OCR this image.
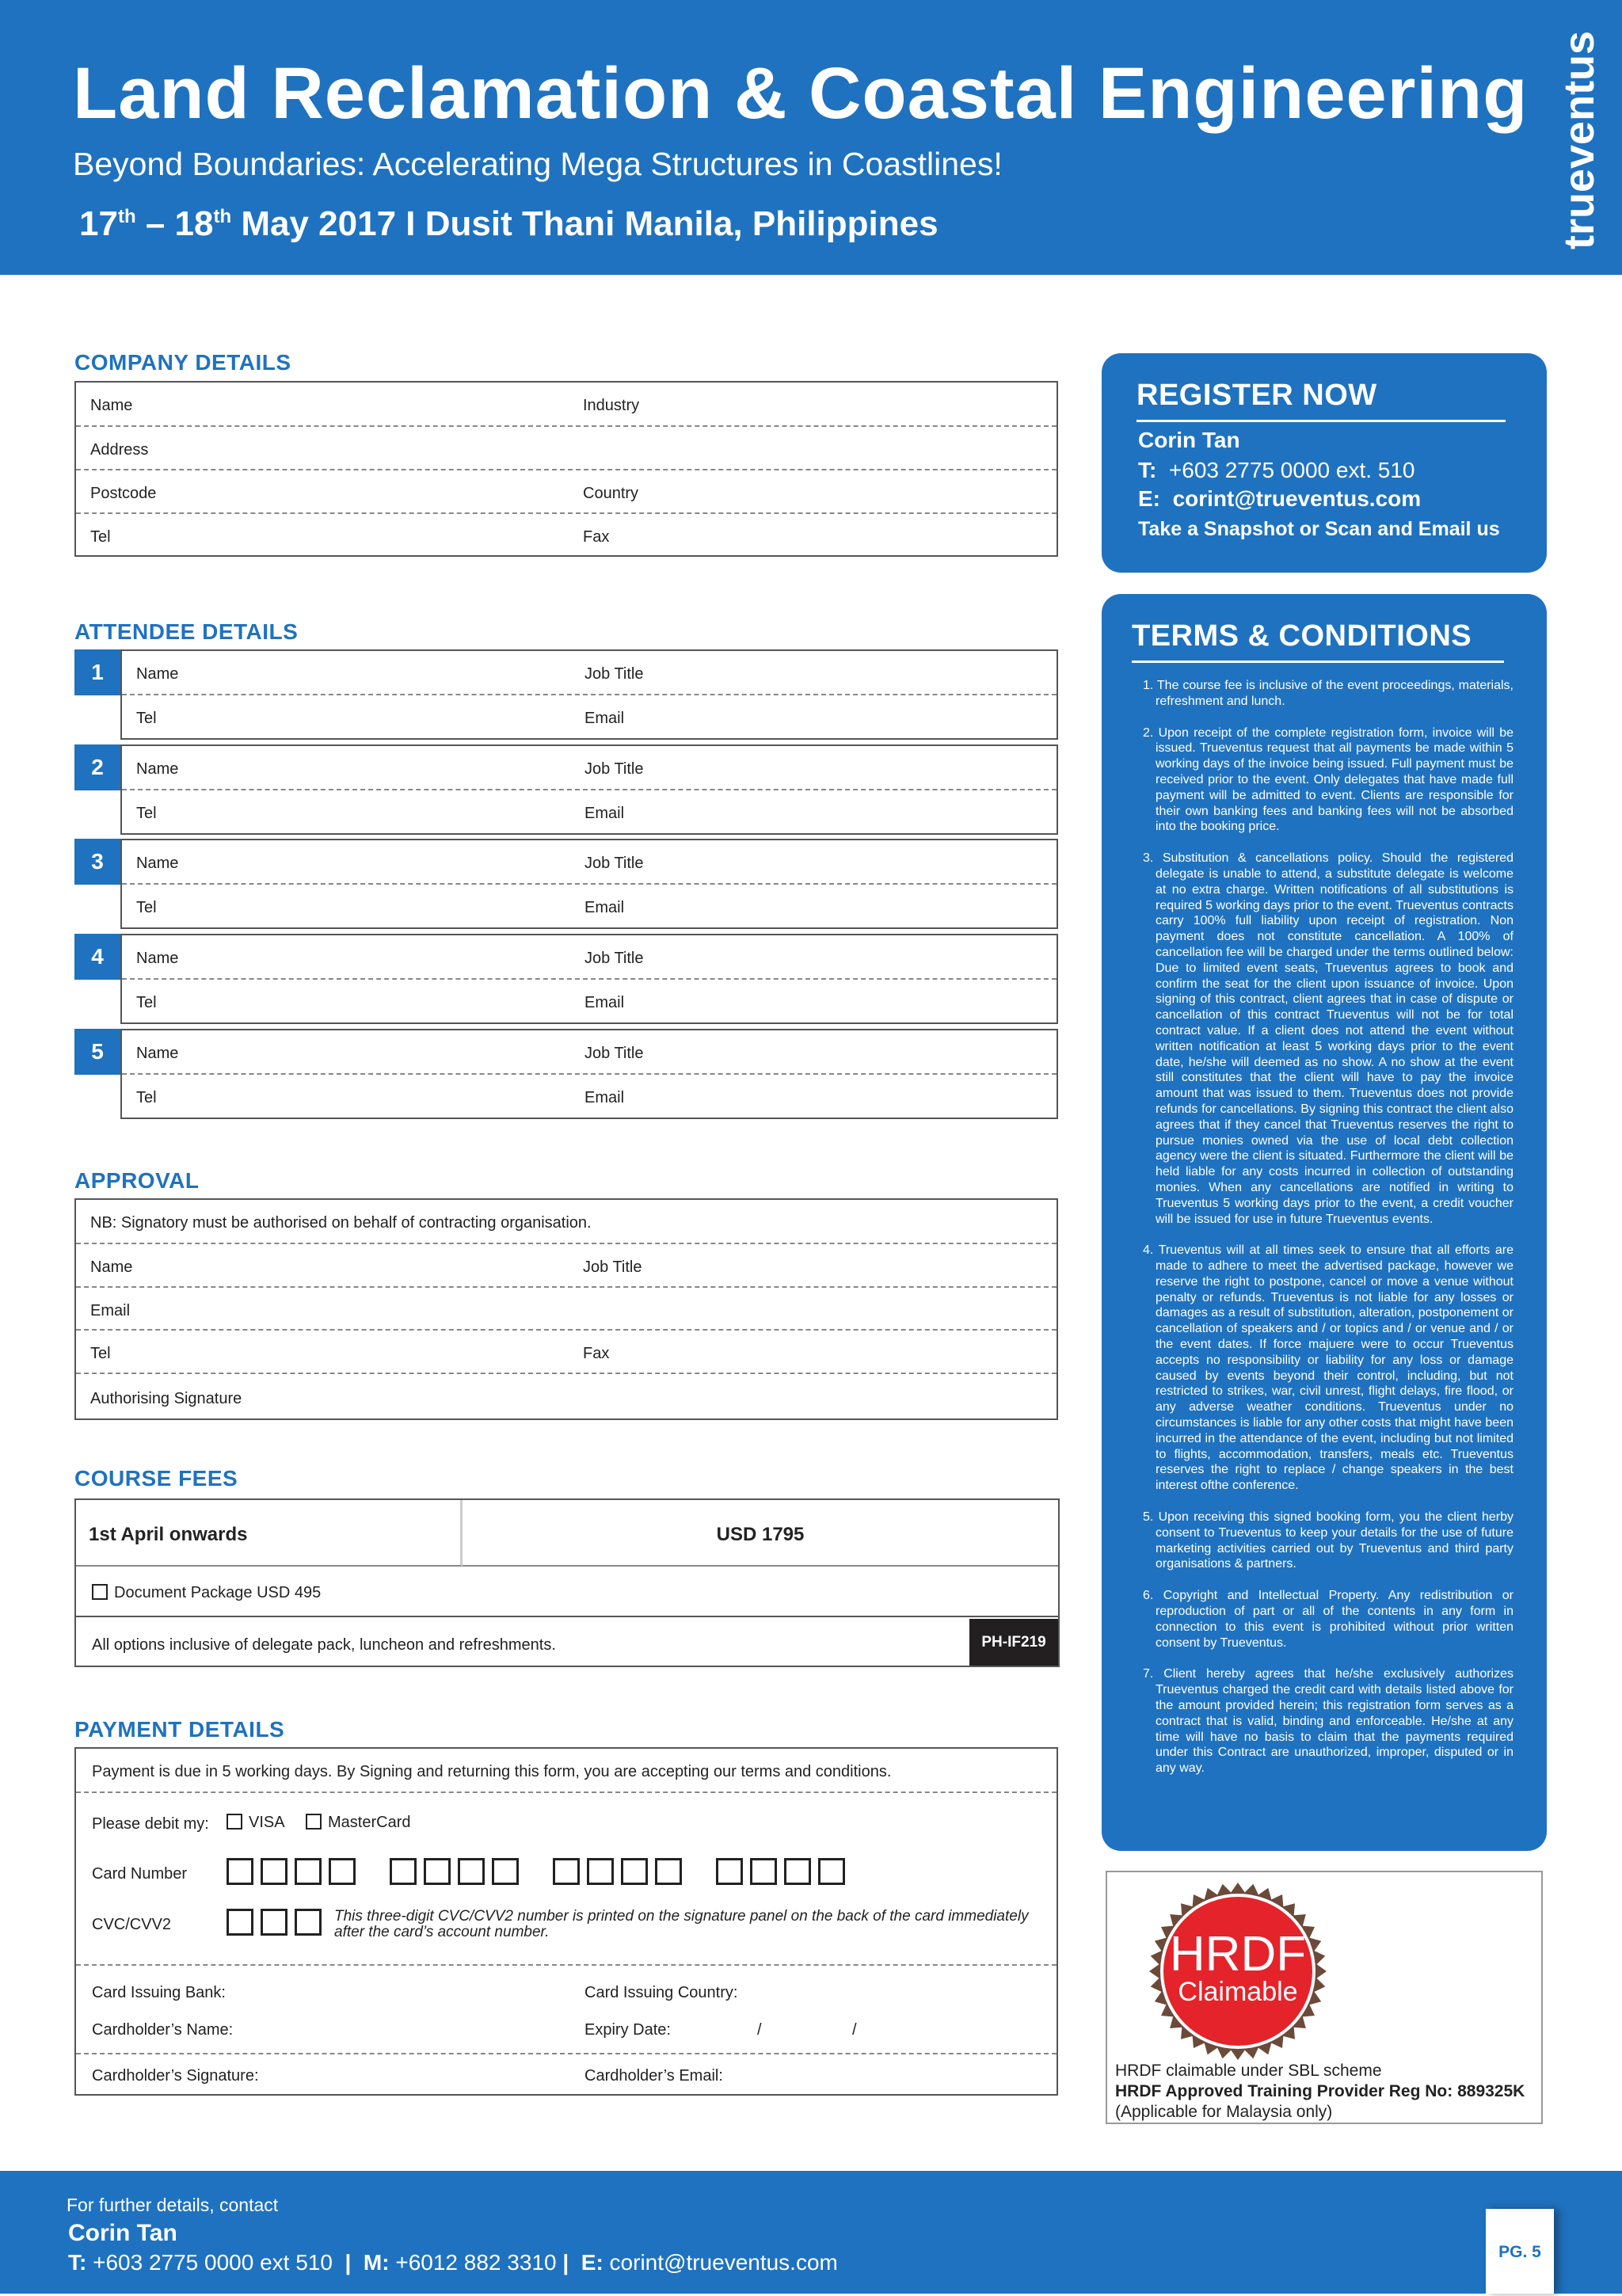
Land Reclamation & Coastal Engineering
Beyond Boundaries: Accelerating Mega Structures in Coastlines!
17th – 18th May 2017 I Dusit Thani Manila, Philippines	trueventus
COMPANY DETAILS
Name	Industry
Address
Postcode	Country
Tel	Fax
ATTENDEE DETAILS
1	Name	Job Title
Tel	Email
2	Name	Job Title
Tel	Email
3	Name	Job Title
Tel	Email
4	Name	Job Title
Tel	Email
5	Name	Job Title
Tel	Email
APPROVAL
NB: Signatory must be authorised on behalf of contracting organisation.
Name	Job Title
Email
Tel	Fax
Authorising Signature
COURSE FEES
1st April onwards	USD 1795
Document Package USD 495
All options inclusive of delegate pack, luncheon and refreshments.	PH-IF219
PAYMENT DETAILS
Payment is due in 5 working days. By Signing and returning this form, you are accepting our terms and conditions.
Please debit my:	VISA	MasterCard
Card Number
CVC/CVV2	This three-digit CVC/CVV2 number is printed on the signature panel on the back of the card immediately after the card’s account number.
Card Issuing Bank:	Card Issuing Country:
Cardholder’s Name:	Expiry Date:	/	/
Cardholder’s Signature:	Cardholder’s Email:
REGISTER NOW
Corin Tan
T: +603 2775 0000 ext. 510
E: corint@trueventus.com
Take a Snapshot or Scan and Email us
TERMS & CONDITIONS
1. The course fee is inclusive of the event proceedings, materials, refreshment and lunch.
2. Upon receipt of the complete registration form, invoice will be issued. Trueventus request that all payments be made within 5 working days of the invoice being issued. Full payment must be received prior to the event. Only delegates that have made full payment will be admitted to event. Clients are responsible for their own banking fees and banking fees will not be absorbed into the booking price.
3. Substitution & cancellations policy. Should the registered delegate is unable to attend, a substitute delegate is welcome at no extra charge. Written notifications of all substitutions is required 5 working days prior to the event. Trueventus contracts carry 100% full liability upon receipt of registration. Non payment does not constitute cancellation. A 100% of cancellation fee will be charged under the terms outlined below: Due to limited event seats, Trueventus agrees to book and confirm the seat for the client upon issuance of invoice. Upon signing of this contract, client agrees that in case of dispute or cancellation of this contract Trueventus will not be for total contract value. If a client does not attend the event without written notification at least 5 working days prior to the event date, he/she will deemed as no show. A no show at the event still constitutes that the client will have to pay the invoice amount that was issued to them. Trueventus does not provide refunds for cancellations. By signing this contract the client also agrees that if they cancel that Trueventus reserves the right to pursue monies owned via the use of local debt collection agency were the client is situated. Furthermore the client will be held liable for any costs incurred in collection of outstanding monies. When any cancellations are notified in writing to Trueventus 5 working days prior to the event, a credit voucher will be issued for use in future Trueventus events.
4. Trueventus will at all times seek to ensure that all efforts are made to adhere to meet the advertised package, however we reserve the right to postpone, cancel or move a venue without penalty or refunds. Trueventus is not liable for any losses or damages as a result of substitution, alteration, postponement or cancellation of speakers and / or topics and / or venue and / or the event dates. If force majuere were to occur Trueventus accepts no responsibility or liability for any loss or damage caused by events beyond their control, including, but not restricted to strikes, war, civil unrest, flight delays, fire flood, or any adverse weather conditions. Trueventus under no circumstances is liable for any other costs that might have been incurred in the attendance of the event, including but not limited to flights, accommodation, transfers, meals etc. Trueventus reserves the right to replace / change speakers in the best interest ofthe conference.
5. Upon receiving this signed booking form, you the client herby consent to Trueventus to keep your details for the use of future marketing activities carried out by Trueventus and third party organisations & partners.
6. Copyright and Intellectual Property. Any redistribution or reproduction of part or all of the contents in any form in connection to this event is prohibited without prior written consent by Trueventus.
7. Client hereby agrees that he/she exclusively authorizes Trueventus charged the credit card with details listed above for the amount provided herein; this registration form serves as a contract that is valid, binding and enforceable. He/she at any time will have no basis to claim that the payments required under this Contract are unauthorized, improper, disputed or in any way.
HRDF
Claimable
HRDF claimable under SBL scheme
HRDF Approved Training Provider Reg No: 889325K
(Applicable for Malaysia only)
For further details, contact
Corin Tan
T: +603 2775 0000 ext 510  |  M: +6012 882 3310 |  E: corint@trueventus.com	PG. 5
